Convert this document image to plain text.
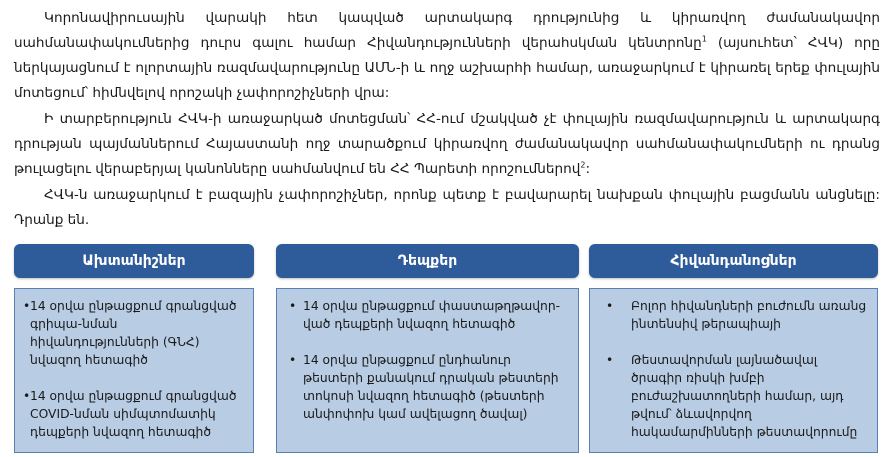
Կորոնավիրուսային վարակի հետ կապված արտակարգ դրությունից և կիրառվող ժամանակավոր սահմանափակումներից դուրս գալու համար Հիվանդությունների վերահսկման կենտրոնը$^1$ (այսուհետ՝ ՀՎԿ) որը ներկայացնում է ոլորտային ռազմավարությունը ԱՄՆ-ի և ողջ աշխարհի համար, առաջարկում է կիրառել երեք փուլային մոտեցում՝ հիմնվելով որոշակի չափորոշիչների վրա:

Ի տարբերություն ՀՎԿ-ի առաջարկած մոտեցման՝ ՀՀ-ում մշակված չէ փուլային ռազմավարություն և արտակարգ դրության պայմաններում Հայաստանի ողջ տարածքում կիրառվող ժամանակավոր սահմանափակումների ու դրանց թուլացելու վերաբերյալ կանոնները սահմանվում են ՀՀ Պարետի որոշումներով$^2$:

ՀՎԿ-ն առաջարկում է բազային չափորոշիչներ, որոնք պետք է բավարարել նախքան փուլային բացմանն անցնելը: Դրանք են.

Ախտանիշներ	Դեպքեր	Հիվանդանոցներ
• 14 օրվա ընթացքում գրանցված գրիպա-նման հիվանդությունների (ԳՆՀ) նվազող հետագիծ
• 14 օրվա ընթացքում գրանցված COVID-նման սիմպտոմատիկ դեպքերի նվազող հետագիծ
• 14 օրվա ընթացքում փաստաթղթավոր-ված դեպքերի նվազող հետագիծ
• 14 օրվա ընթացքում ընդհանուր թեստերի քանակում դրական թեստերի տոկոսի նվազող հետագիծ (թեստերի անփոփոխ կամ ավելացող ծավալ)
• Բոլոր հիվանդների բուժումն առանց ինտենսիվ թերապիայի
• Թեստավորման լայնածավալ ծրագիր ռիսկի խմբի բուժաշխատողների համար, այդ թվում՝ ձևավորվող հակամարմինների թեստավորումը
